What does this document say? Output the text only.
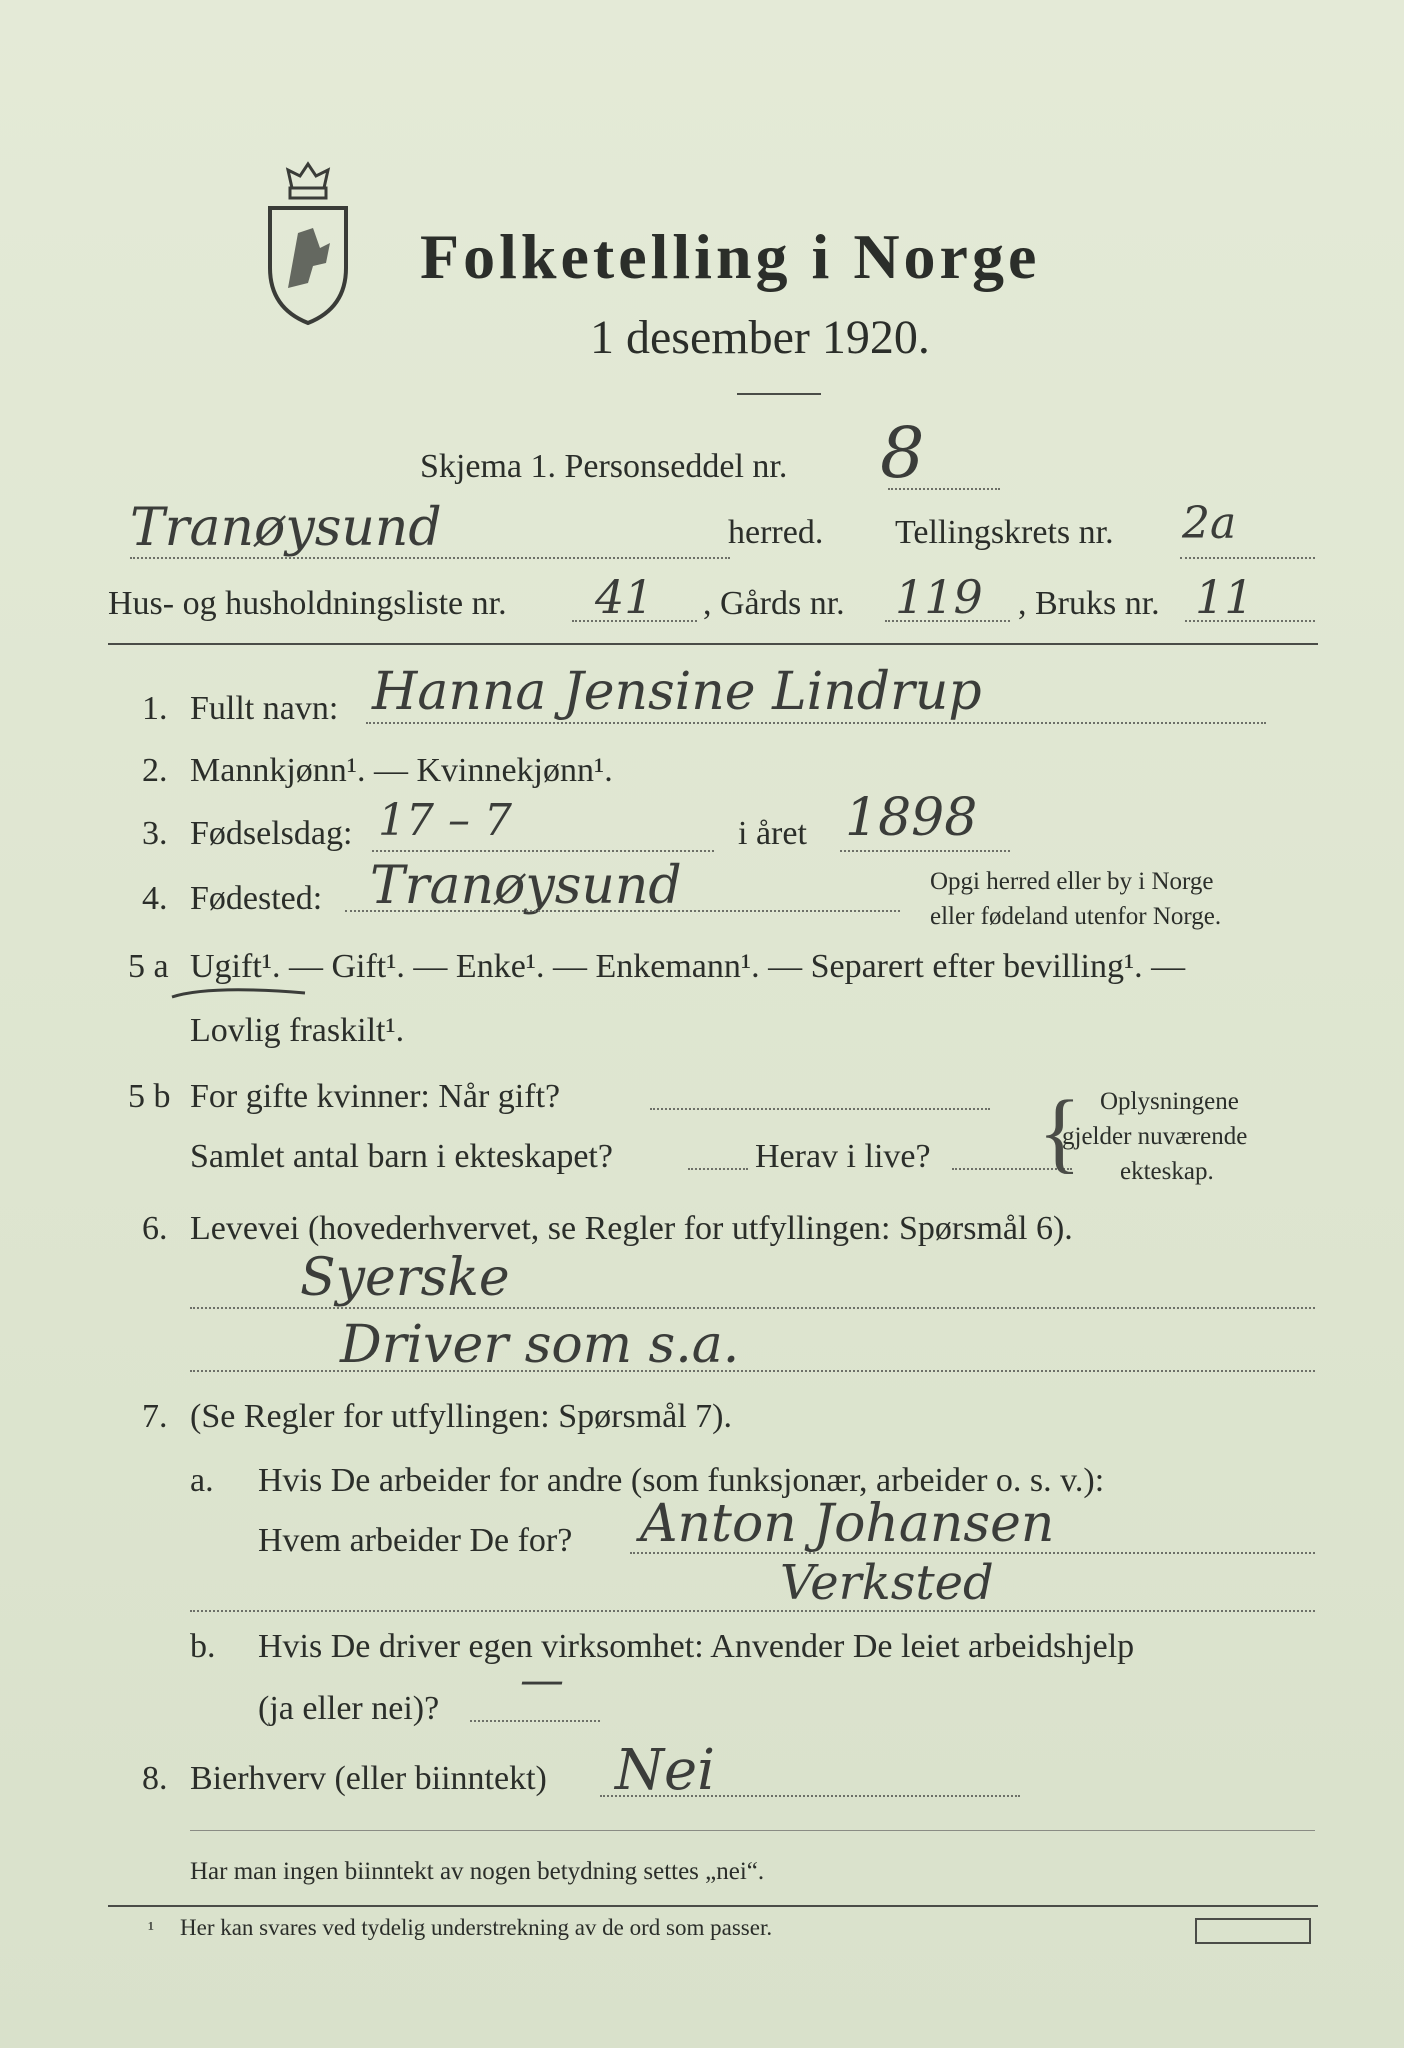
Folketelling i Norge
1 desember 1920.
Skjema 1. Personseddel nr. 8
Tranøysund	herred. Tellingskrets nr. 2a
Hus- og husholdningsliste nr. 41 , Gårds nr. 119 , Bruks nr. 11
1. Fullt navn: Hanna Jensine Lindrup
2. Mannkjønn¹. — Kvinnekjønn¹.
3. Fødselsdag: 17 – 7	i året 1898
4. Fødested: Tranøysund	Opgi herred eller by i Norge
eller fødeland utenfor Norge.
5 a Ugift¹. — Gift¹. — Enke¹. — Enkemann¹. — Separert efter bevilling¹. —
Lovlig fraskilt¹.
5 b For gifte kvinner: Når gift?
Samlet antal barn i ekteskapet?	Herav i live? { Oplysningene
gjelder nuværende
ekteskap.
6. Levevei (hovederhvervet, se Regler for utfyllingen: Spørsmål 6).
Syerske
Driver som s.a.
7. (Se Regler for utfyllingen: Spørsmål 7).
a. Hvis De arbeider for andre (som funksjonær, arbeider o. s. v.):
Hvem arbeider De for? Anton Johansen
Verksted
b. Hvis De driver egen virksomhet: Anvender De leiet arbeidshjelp
(ja eller nei)?
—
8. Bierhverv (eller biinntekt) Nei
Har man ingen biinntekt av nogen betydning settes „nei“.
¹ Her kan svares ved tydelig understrekning av de ord som passer.
